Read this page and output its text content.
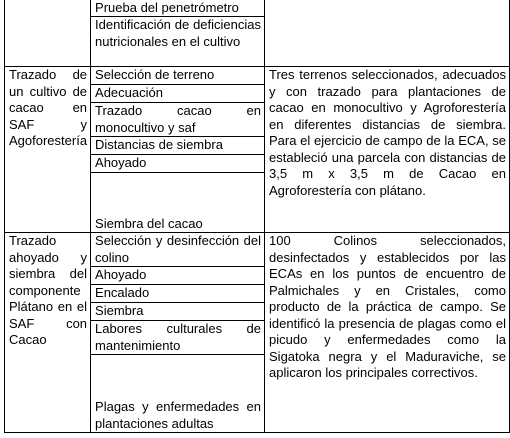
	Prueba del penetrómetro	
	Identificación de deficiencias nutricionales en el cultivo	
Trazado de un cultivo de cacao en SAF y Agoforestería	Selección de terreno	Tres terrenos seleccionados, adecuados y con trazado para plantaciones de cacao en monocultivo y Agroforestería en diferentes distancias de siembra. Para el ejercicio de campo de la ECA, se estableció una parcela con distancias de 3,5 m x 3,5 m de Cacao en Agroforestería con plátano.
	Adecuación	
	Trazado cacao en monocultivo y saf	
	Distancias de siembra	
	Ahoyado	
	Siembra del cacao	
Trazado ahoyado y siembra del componente Plátano en el SAF con Cacao	Selección y desinfección del colino	100 Colinos seleccionados, desinfectados y establecidos por las ECAs en los puntos de encuentro de Palmichales y en Cristales, como producto de la práctica de campo. Se identificó la presencia de plagas como el picudo y enfermedades como la Sigatoka negra y el Maduraviche, se aplicaron los principales correctivos.
	Ahoyado	
	Encalado	
	Siembra	
	Labores culturales de mantenimiento	
	Plagas y enfermedades en plantaciones adultas	
